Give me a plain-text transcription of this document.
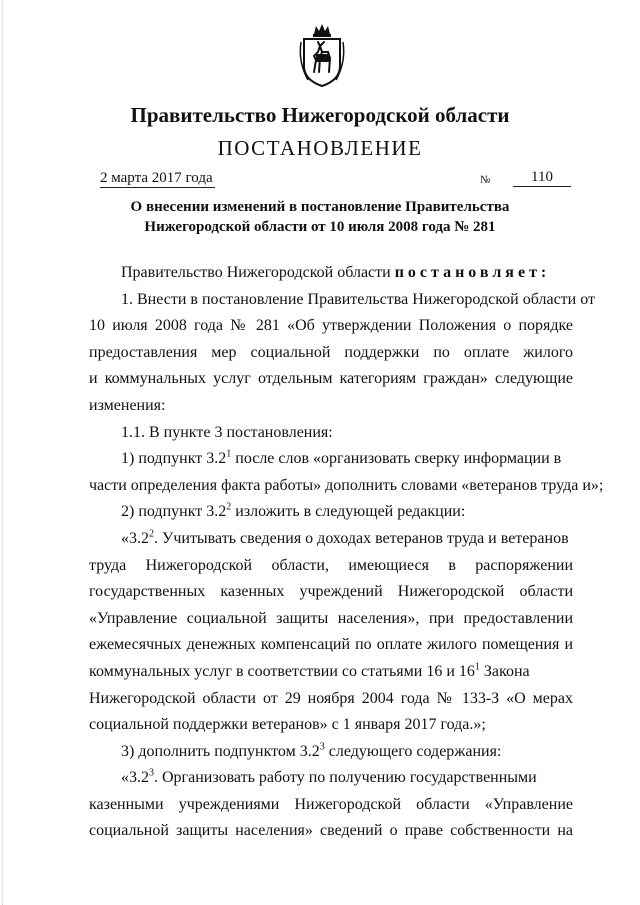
Правительство Нижегородской области
ПОСТАНОВЛЕНИЕ
2 марта 2017 года	№	110
О внесении изменений в постановление Правительства
Нижегородской области от 10 июля 2008 года № 281
Правительство Нижегородской области постановляет:
1. Внести в постановление Правительства Нижегородской области от
10 июля 2008 года № 281 «Об утверждении Положения о порядке
предоставления мер социальной поддержки по оплате жилого
и коммунальных услуг отдельным категориям граждан» следующие
изменения:
1.1. В пункте 3 постановления:
1) подпункт $3.2^1$ после слов «организовать сверку информации в
части определения факта работы» дополнить словами «ветеранов труда и»;
2) подпункт $3.2^2$ изложить в следующей редакции:
«$3.2^2$. Учитывать сведения о доходах ветеранов труда и ветеранов
труда Нижегородской области, имеющиеся в распоряжении
государственных казенных учреждений Нижегородской области
«Управление социальной защиты населения», при предоставлении
ежемесячных денежных компенсаций по оплате жилого помещения и
коммунальных услуг в соответствии со статьями 16 и $16^1$ Закона
Нижегородской области от 29 ноября 2004 года № 133-З «О мерах
социальной поддержки ветеранов» с 1 января 2017 года.»;
3) дополнить подпунктом $3.2^3$ следующего содержания:
«$3.2^3$. Организовать работу по получению государственными
казенными учреждениями Нижегородской области «Управление
социальной защиты населения» сведений о праве собственности на
